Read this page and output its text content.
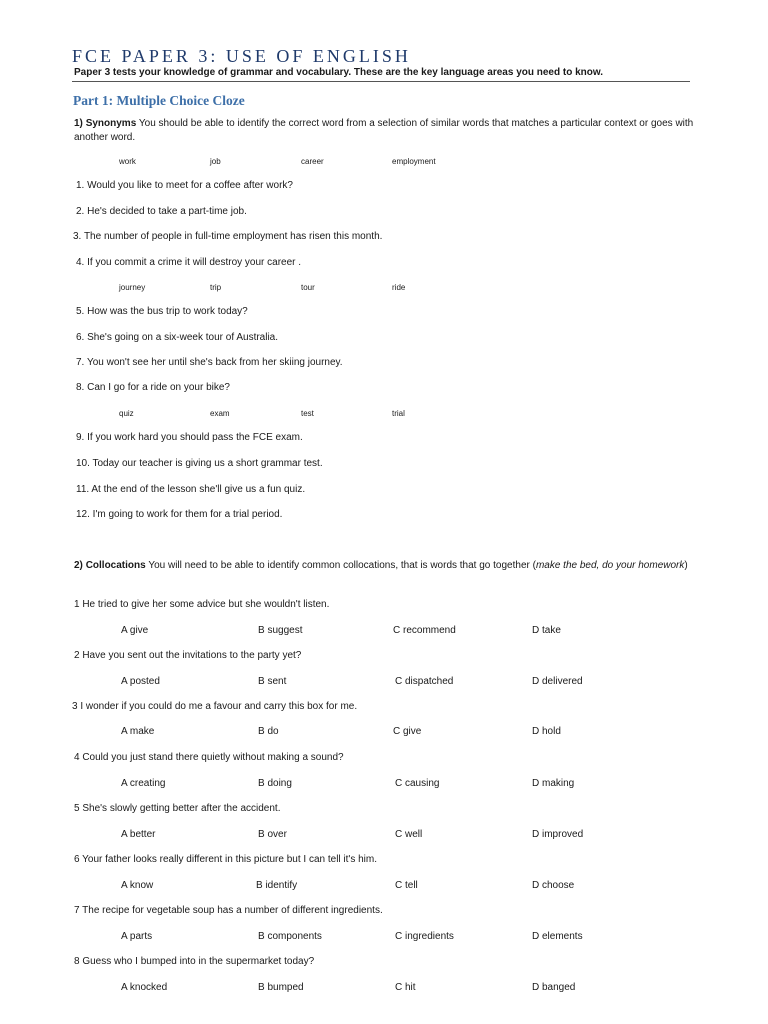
FCE PAPER 3: USE OF ENGLISH
Paper 3 tests your knowledge of grammar and vocabulary. These are the key language areas you need to know.
Part 1: Multiple Choice Cloze
1) Synonyms You should be able to identify the correct word from a selection of similar words that matches a particular context or goes with another word.
work	job	career	employment
1. Would you like to meet for a coffee after work?
2. He's decided to take a part-time job.
3. The number of people in full-time employment has risen this month.
4. If you commit a crime it will destroy your career .
journey	trip	tour	ride
5. How was the bus trip to work today?
6. She's going on a six-week tour of Australia.
7. You won't see her until she's back from her skiing journey.
8. Can I go for a ride on your bike?
quiz	exam	test	trial
9. If you work hard you should pass the FCE exam.
10. Today our teacher is giving us a short grammar test.
11. At the end of the lesson she'll give us a fun quiz.
12. I'm going to work for them for a trial period.
2) Collocations You will need to be able to identify common collocations, that is words that go together (make the bed, do your homework)
1 He tried to give her some advice but she wouldn't listen.
A give	B suggest	C recommend	D take
2 Have you sent out the invitations to the party yet?
A posted	B sent	C dispatched	D delivered
3 I wonder if you could do me a favour and carry this box for me.
A make	B do	C give	D hold
4 Could you just stand there quietly without making a sound?
A creating	B doing	C causing	D making
5 She's slowly getting better after the accident.
A better	B over	C well	D improved
6 Your father looks really different in this picture but I can tell it's him.
A know	B identify	C tell	D choose
7 The recipe for vegetable soup has a number of different ingredients.
A parts	B components	C ingredients	D elements
8 Guess who I bumped into in the supermarket today?
A knocked	B bumped	C hit	D banged
